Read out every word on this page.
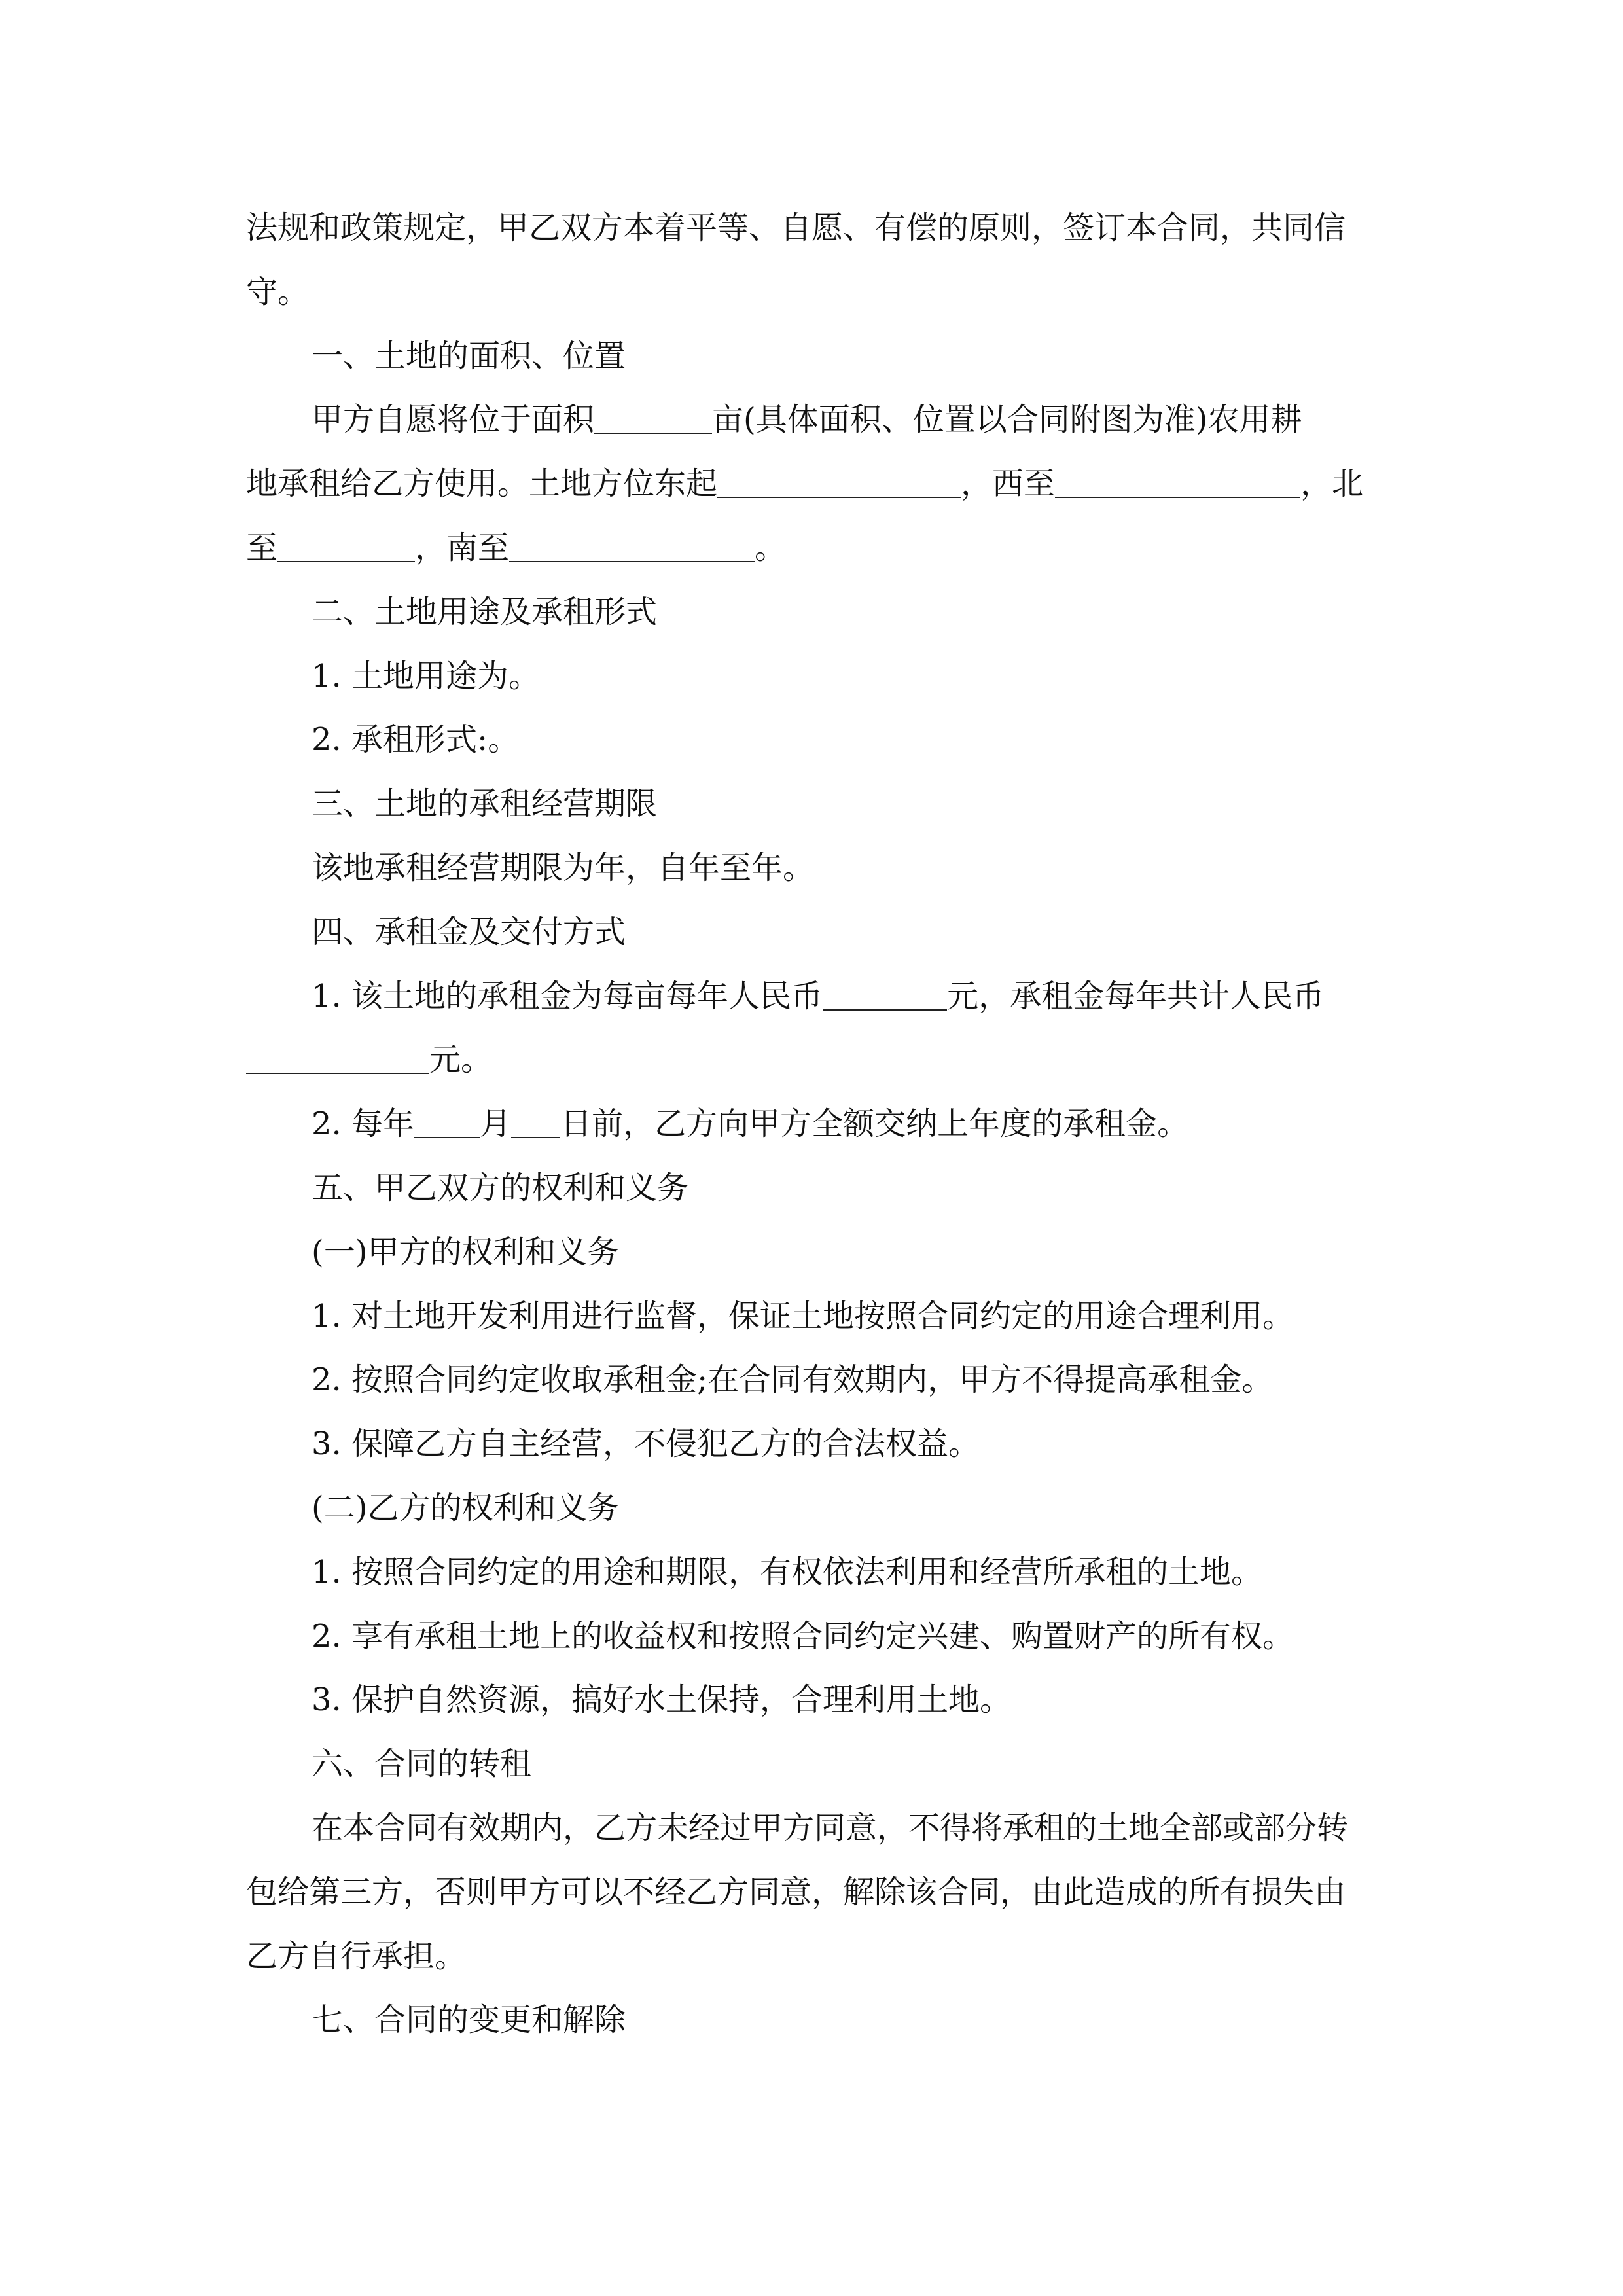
法规和政策规定，甲乙双方本着平等、自愿、有偿的原则，签订本合同，共同信
守。
一、土地的面积、位置
甲方自愿将位于面积	亩(具体面积、位置以合同附图为准)农用耕
地承租给乙方使用。土地方位东起	，西至	，北
至	，南至	。
二、土地用途及承租形式
1. 土地用途为。
2. 承租形式:。
三、土地的承租经营期限
该地承租经营期限为年，自年至年。
四、承租金及交付方式
1. 该土地的承租金为每亩每年人民币	元，承租金每年共计人民币
元。
2. 每年 月 日前，乙方向甲方全额交纳上年度的承租金。
五、甲乙双方的权利和义务
(一)甲方的权利和义务
1. 对土地开发利用进行监督，保证土地按照合同约定的用途合理利用。
2. 按照合同约定收取承租金;在合同有效期内，甲方不得提高承租金。
3. 保障乙方自主经营，不侵犯乙方的合法权益。
(二)乙方的权利和义务
1. 按照合同约定的用途和期限，有权依法利用和经营所承租的土地。
2. 享有承租土地上的收益权和按照合同约定兴建、购置财产的所有权。
3. 保护自然资源，搞好水土保持，合理利用土地。
六、合同的转租
在本合同有效期内，乙方未经过甲方同意，不得将承租的土地全部或部分转
包给第三方，否则甲方可以不经乙方同意，解除该合同，由此造成的所有损失由
乙方自行承担。
七、合同的变更和解除
